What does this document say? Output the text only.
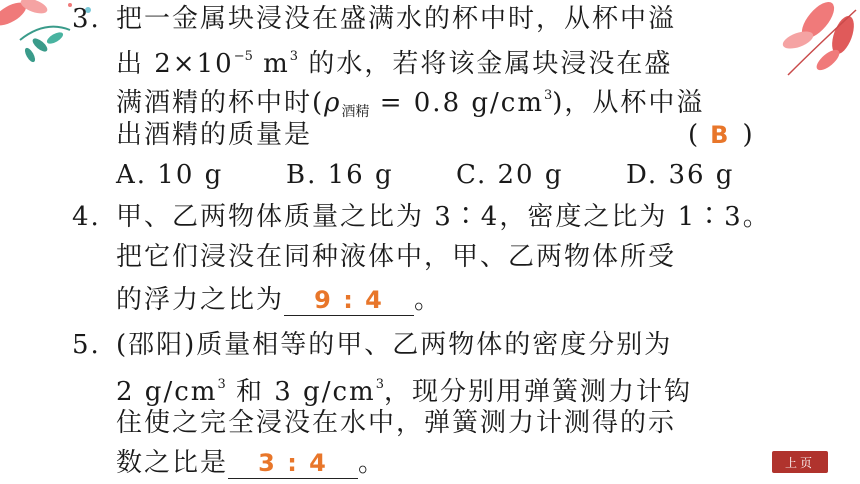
3. 把一金属块浸没在盛满水的杯中时，从杯中溢
出 $2\times 10^{-5}$ $m^3$ 的水，若将该金属块浸没在盛
满酒精的杯中时($\rho_{酒精} = 0.8$ $g/cm^3$)，从杯中溢
出酒精的质量是	( B )
A. 10 g B. 16 g C. 20 g D. 36 g
4. 甲、乙两物体质量之比为 3∶4，密度之比为 1∶3。
把它们浸没在同种液体中，甲、乙两物体所受
的浮力之比为 9 : 4 。
5. (邵阳)质量相等的甲、乙两物体的密度分别为
2 $g/cm^3$ 和 3 $g/cm^3$，现分别用弹簧测力计钩
住使之完全浸没在水中，弹簧测力计测得的示
数之比是 3 : 4 。	上页
